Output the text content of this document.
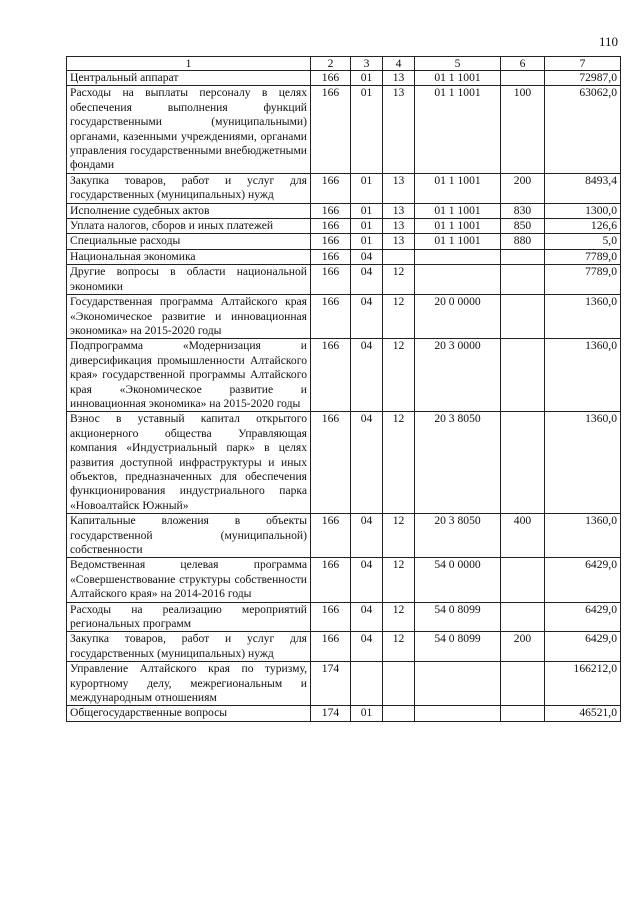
110
1	2	3	4	5	6	7
Центральный аппарат	166	01	13	01 1 1001		72987,0
Расходы на выплаты персоналу в целях обеспечения выполнения функций государственными (муниципальными) органами, казенными учреждениями, органами управления государственными внебюджетными фондами	166	01	13	01 1 1001	100	63062,0
Закупка товаров, работ и услуг для государственных (муниципальных) нужд	166	01	13	01 1 1001	200	8493,4
Исполнение судебных актов	166	01	13	01 1 1001	830	1300,0
Уплата налогов, сборов и иных платежей	166	01	13	01 1 1001	850	126,6
Специальные расходы	166	01	13	01 1 1001	880	5,0
Национальная экономика	166	04				7789,0
Другие вопросы в области национальной экономики	166	04	12			7789,0
Государственная программа Алтайского края «Экономическое развитие и инновационная экономика» на 2015-2020 годы	166	04	12	20 0 0000		1360,0
Подпрограмма «Модернизация и диверсификация промышленности Алтайского края» государственной программы Алтайского края «Экономическое развитие и инновационная экономика» на 2015-2020 годы	166	04	12	20 3 0000		1360,0
Взнос в уставный капитал открытого акционерного общества Управляющая компания «Индустриальный парк» в целях развития доступной инфраструктуры и иных объектов, предназначенных для обеспечения функционирования индустриального парка «Новоалтайск Южный»	166	04	12	20 3 8050		1360,0
Капитальные вложения в объекты государственной (муниципальной) собственности	166	04	12	20 3 8050	400	1360,0
Ведомственная целевая программа «Совершенствование структуры собственности Алтайского края» на 2014-2016 годы	166	04	12	54 0 0000		6429,0
Расходы на реализацию мероприятий региональных программ	166	04	12	54 0 8099		6429,0
Закупка товаров, работ и услуг для государственных (муниципальных) нужд	166	04	12	54 0 8099	200	6429,0
Управление Алтайского края по туризму, курортному делу, межрегиональным и международным отношениям	174					166212,0
Общегосударственные вопросы	174	01				46521,0
